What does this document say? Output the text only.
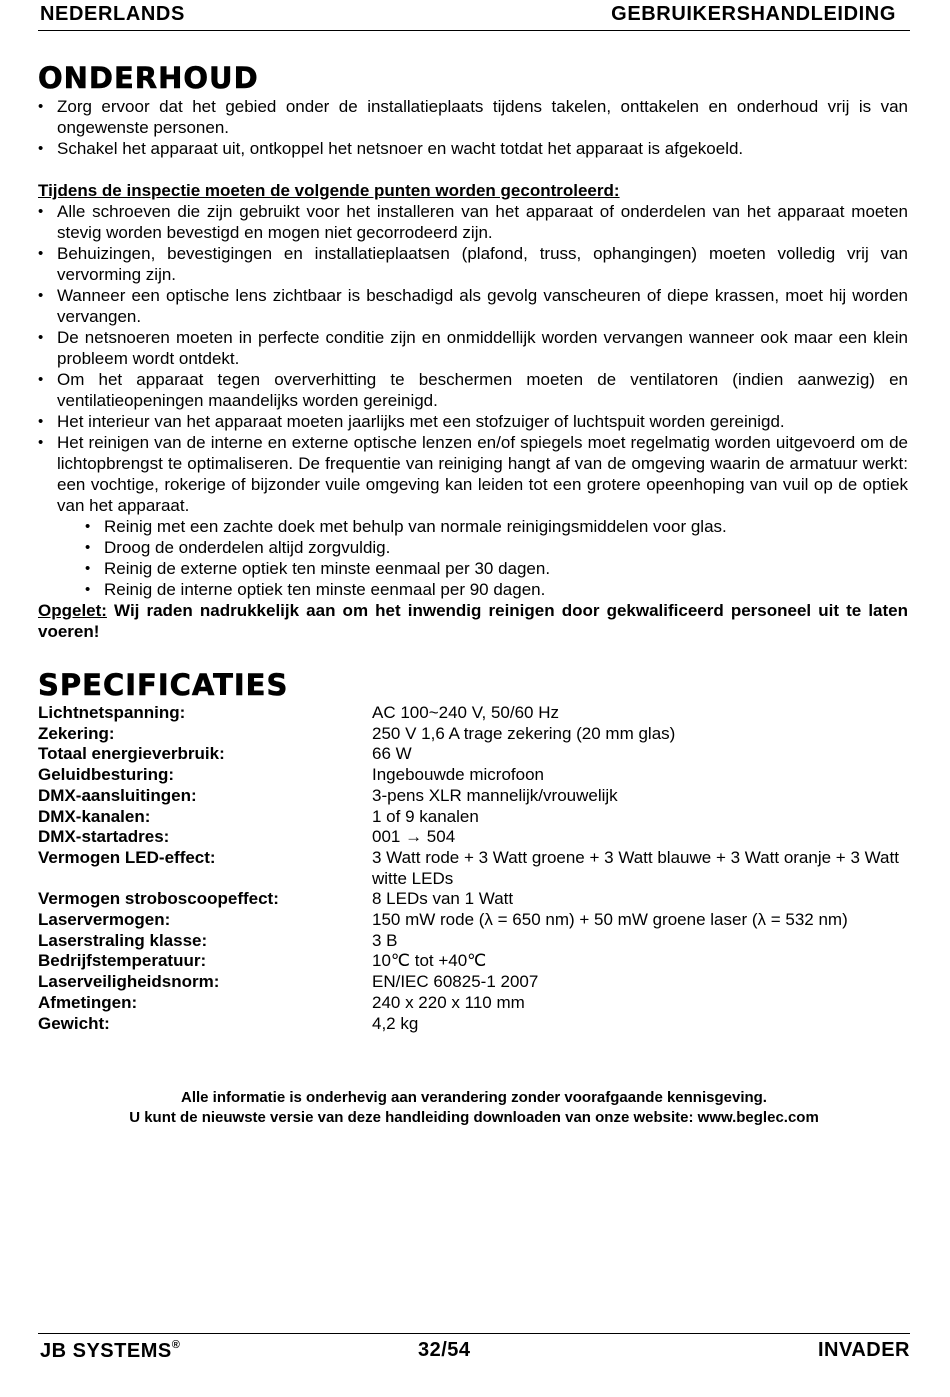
NEDERLANDS	GEBRUIKERSHANDLEIDING
ONDERHOUD
• Zorg ervoor dat het gebied onder de installatieplaats tijdens takelen, onttakelen en onderhoud vrij is van ongewenste personen.
• Schakel het apparaat uit, ontkoppel het netsnoer en wacht totdat het apparaat is afgekoeld.

Tijdens de inspectie moeten de volgende punten worden gecontroleerd:

• Alle schroeven die zijn gebruikt voor het installeren van het apparaat of onderdelen van het apparaat moeten stevig worden bevestigd en mogen niet gecorrodeerd zijn.
• Behuizingen, bevestigingen en installatieplaatsen (plafond, truss, ophangingen) moeten volledig vrij van vervorming zijn.
• Wanneer een optische lens zichtbaar is beschadigd als gevolg vanscheuren of diepe krassen, moet hij worden vervangen.
• De netsnoeren moeten in perfecte conditie zijn en onmiddellijk worden vervangen wanneer ook maar een klein probleem wordt ontdekt.
• Om het apparaat tegen oververhitting te beschermen moeten de ventilatoren (indien aanwezig) en ventilatieopeningen maandelijks worden gereinigd.
• Het interieur van het apparaat moeten jaarlijks met een stofzuiger of luchtspuit worden gereinigd.
• Het reinigen van de interne en externe optische lenzen en/of spiegels moet regelmatig worden uitgevoerd om de lichtopbrengst te optimaliseren. De frequentie van reiniging hangt af van de omgeving waarin de armatuur werkt: een vochtige, rokerige of bijzonder vuile omgeving kan leiden tot een grotere opeenhoping van vuil op de optiek van het apparaat.
• Reinig met een zachte doek met behulp van normale reinigingsmiddelen voor glas.
• Droog de onderdelen altijd zorgvuldig.
• Reinig de externe optiek ten minste eenmaal per 30 dagen.
• Reinig de interne optiek ten minste eenmaal per 90 dagen.

Opgelet: Wij raden nadrukkelijk aan om het inwendig reinigen door gekwalificeerd personeel uit te laten voeren!

SPECIFICATIES
Lichtnetspanning:	AC 100~240 V, 50/60 Hz
Zekering:	250 V 1,6 A trage zekering (20 mm glas)
Totaal energieverbruik:	66 W
Geluidbesturing:	Ingebouwde microfoon
DMX-aansluitingen:	3-pens XLR mannelijk/vrouwelijk
DMX-kanalen:	1 of 9 kanalen
DMX-startadres:	001 → 504
Vermogen LED-effect:	3 Watt rode + 3 Watt groene + 3 Watt blauwe + 3 Watt oranje + 3 Watt witte LEDs
Vermogen stroboscoopeffect:	8 LEDs van 1 Watt
Laservermogen:	150 mW rode (λ = 650 nm) + 50 mW groene laser (λ = 532 nm)
Laserstraling klasse:	3 B
Bedrijfstemperatuur:	10℃ tot +40℃
Laserveiligheidsnorm:	EN/IEC 60825-1 2007
Afmetingen:	240 x 220 x 110 mm
Gewicht:	4,2 kg
Alle informatie is onderhevig aan verandering zonder voorafgaande kennisgeving.
U kunt de nieuwste versie van deze handleiding downloaden van onze website: www.beglec.com
JB SYSTEMS®	32/54	INVADER
